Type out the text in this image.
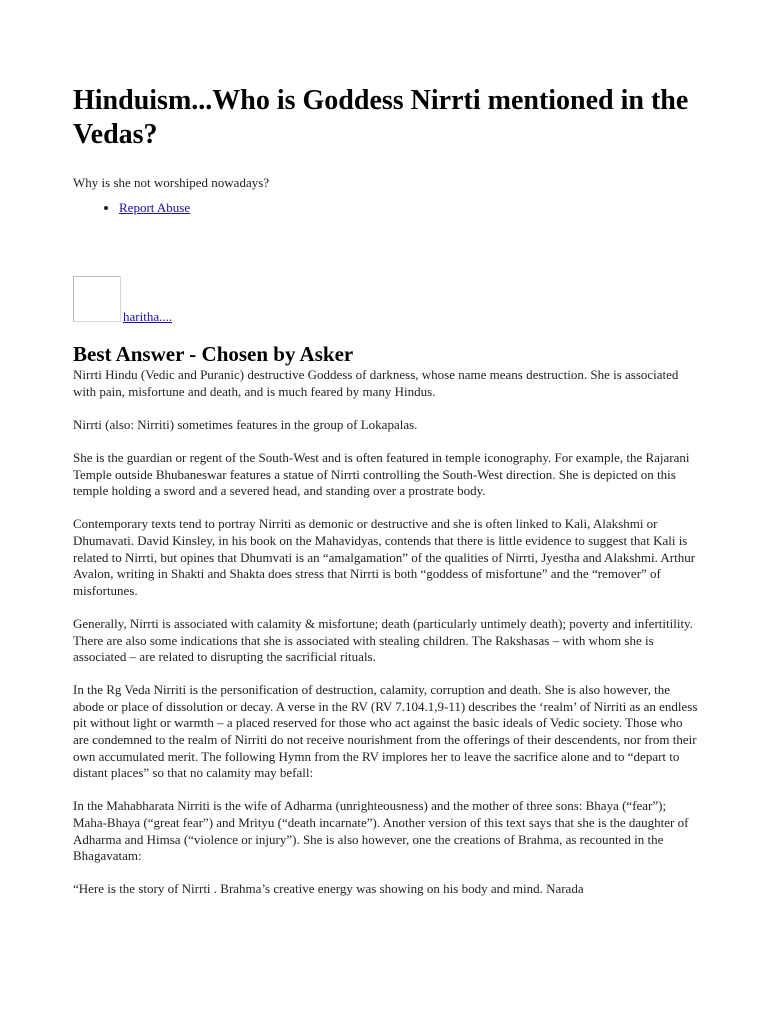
Hinduism...Who is Goddess Nirrti mentioned in the Vedas?

Why is she not worshiped nowadays?

• Report Abuse
haritha....
Best Answer - Chosen by Asker

Nirrti Hindu (Vedic and Puranic) destructive Goddess of darkness, whose name means destruction. She is associated with pain, misfortune and death, and is much feared by many Hindus.

Nirrti (also: Nirriti) sometimes features in the group of Lokapalas.

She is the guardian or regent of the South-West and is often featured in temple iconography. For example, the Rajarani Temple outside Bhubaneswar features a statue of Nirrti controlling the South-West direction. She is depicted on this temple holding a sword and a severed head, and standing over a prostrate body.

Contemporary texts tend to portray Nirriti as demonic or destructive and she is often linked to Kali, Alakshmi or Dhumavati. David Kinsley, in his book on the Mahavidyas, contends that there is little evidence to suggest that Kali is related to Nirrti, but opines that Dhumvati is an “amalgamation” of the qualities of Nirrti, Jyestha and Alakshmi. Arthur Avalon, writing in Shakti and Shakta does stress that Nirrti is both “goddess of misfortune” and the “remover” of misfortunes.

Generally, Nirrti is associated with calamity & misfortune; death (particularly untimely death); poverty and infertitility. There are also some indications that she is associated with stealing children. The Rakshasas – with whom she is associated – are related to disrupting the sacrificial rituals.

In the Rg Veda Nirriti is the personification of destruction, calamity, corruption and death. She is also however, the abode or place of dissolution or decay. A verse in the RV (RV 7.104.1,9-11) describes the ‘realm’ of Nirriti as an endless pit without light or warmth – a placed reserved for those who act against the basic ideals of Vedic society. Those who are condemned to the realm of Nirriti do not receive nourishment from the offerings of their descendents, nor from their own accumulated merit. The following Hymn from the RV implores her to leave the sacrifice alone and to “depart to distant places” so that no calamity may befall:

In the Mahabharata Nirriti is the wife of Adharma (unrighteousness) and the mother of three sons: Bhaya (“fear”); Maha-Bhaya (“great fear”) and Mrityu (“death incarnate”). Another version of this text says that she is the daughter of Adharma and Himsa (“violence or injury”). She is also however, one the creations of Brahma, as recounted in the Bhagavatam:

“Here is the story of Nirrti . Brahma’s creative energy was showing on his body and mind. Narada
